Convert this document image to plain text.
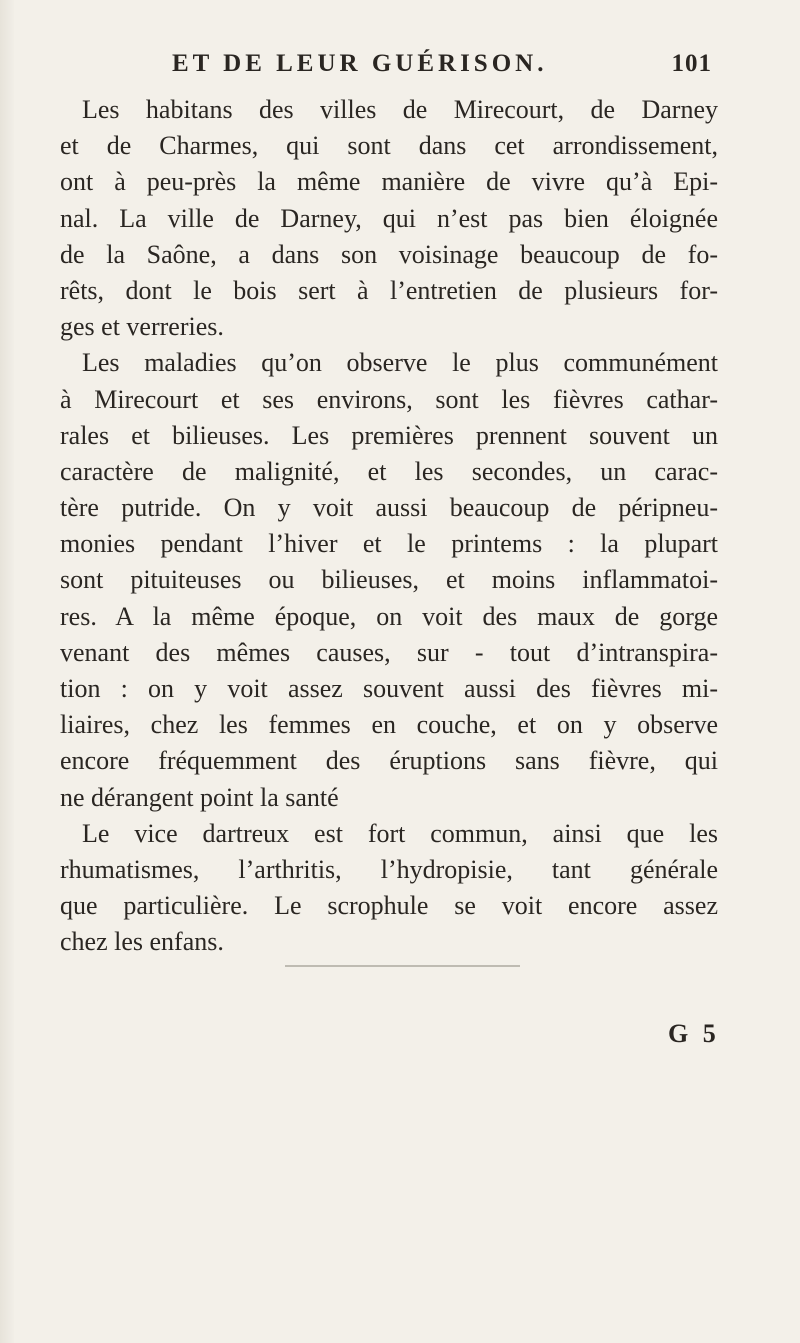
ET DE LEUR GUÉRISON.	101
Les habitans des villes de Mirecourt, de Darney
et de Charmes, qui sont dans cet arrondissement,
ont à peu-près la même manière de vivre qu’à Epi-
nal. La ville de Darney, qui n’est pas bien éloignée
de la Saône, a dans son voisinage beaucoup de fo-
rêts, dont le bois sert à l’entretien de plusieurs for-
ges et verreries.
Les maladies qu’on observe le plus communément
à Mirecourt et ses environs, sont les fièvres cathar-
rales et bilieuses. Les premières prennent souvent un
caractère de malignité, et les secondes, un carac-
tère putride. On y voit aussi beaucoup de péripneu-
monies pendant l’hiver et le printems : la plupart
sont pituiteuses ou bilieuses, et moins inflammatoi-
res. A la même époque, on voit des maux de gorge
venant des mêmes causes, sur - tout d’intranspira-
tion : on y voit assez souvent aussi des fièvres mi-
liaires, chez les femmes en couche, et on y observe
encore fréquemment des éruptions sans fièvre, qui
ne dérangent point la santé
Le vice dartreux est fort commun, ainsi que les
rhumatismes, l’arthritis, l’hydropisie, tant générale
que particulière. Le scrophule se voit encore assez
chez les enfans.
G 5
